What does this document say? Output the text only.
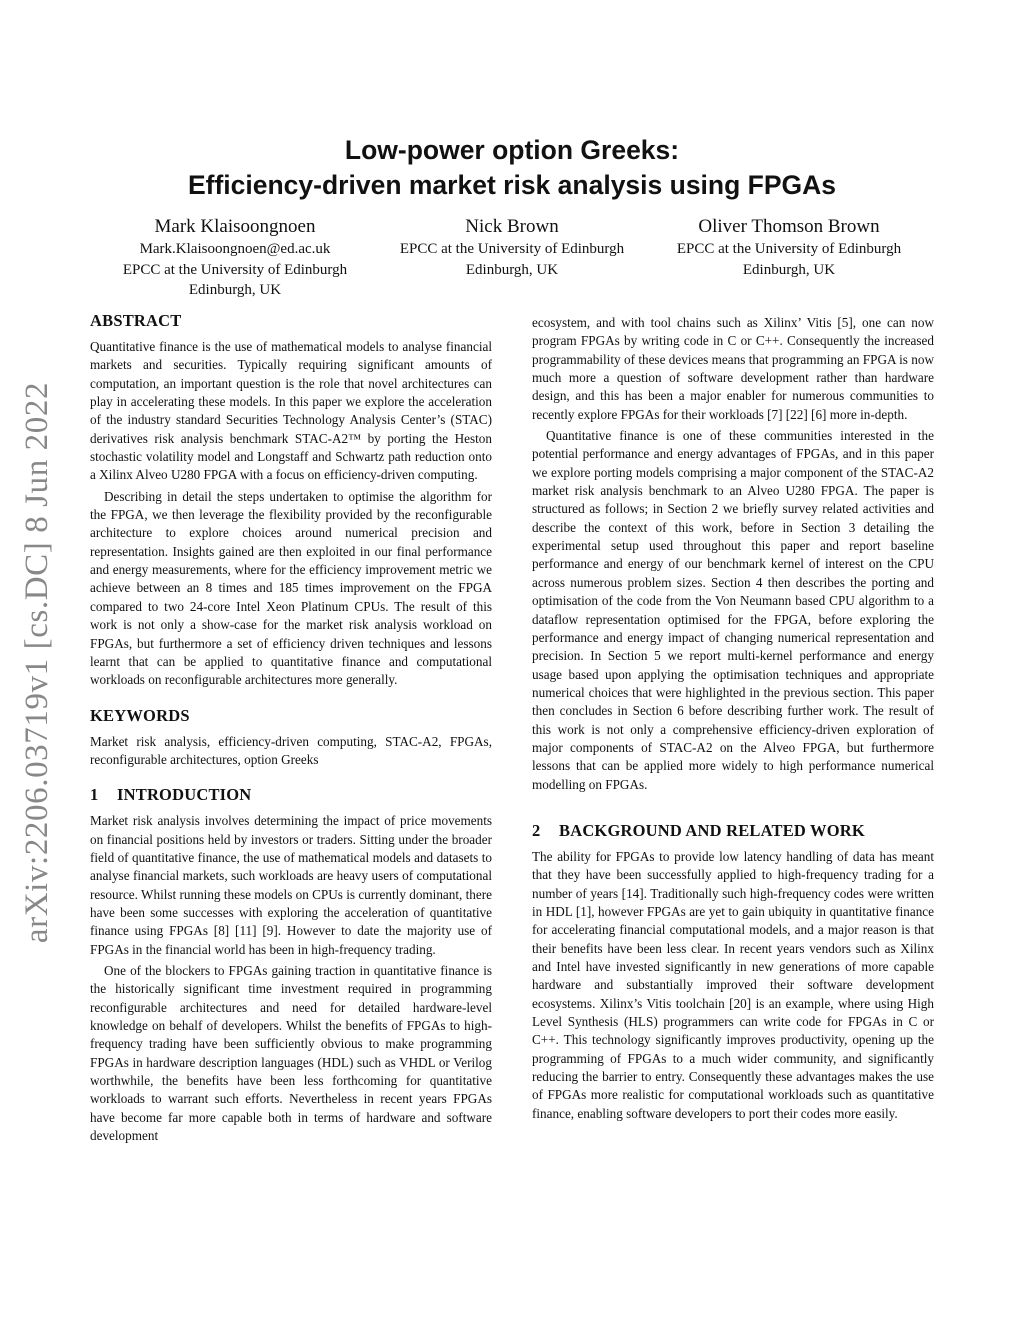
arXiv:2206.03719v1 [cs.DC] 8 Jun 2022
Low-power option Greeks:
Efficiency-driven market risk analysis using FPGAs
Mark Klaisoongnoen
Mark.Klaisoongnoen@ed.ac.uk
EPCC at the University of Edinburgh
Edinburgh, UK
Nick Brown
EPCC at the University of Edinburgh
Edinburgh, UK
Oliver Thomson Brown
EPCC at the University of Edinburgh
Edinburgh, UK
ABSTRACT

Quantitative finance is the use of mathematical models to analyse financial markets and securities. Typically requiring significant amounts of computation, an important question is the role that novel architectures can play in accelerating these models. In this paper we explore the acceleration of the industry standard Securities Technology Analysis Center’s (STAC) derivatives risk analysis benchmark STAC-A2™ by porting the Heston stochastic volatility model and Longstaff and Schwartz path reduction onto a Xilinx Alveo U280 FPGA with a focus on efficiency-driven computing.

Describing in detail the steps undertaken to optimise the algorithm for the FPGA, we then leverage the flexibility provided by the reconfigurable architecture to explore choices around numerical precision and representation. Insights gained are then exploited in our final performance and energy measurements, where for the efficiency improvement metric we achieve between an 8 times and 185 times improvement on the FPGA compared to two 24-core Intel Xeon Platinum CPUs. The result of this work is not only a show-case for the market risk analysis workload on FPGAs, but furthermore a set of efficiency driven techniques and lessons learnt that can be applied to quantitative finance and computational workloads on reconfigurable architectures more generally.

KEYWORDS

Market risk analysis, efficiency-driven computing, STAC-A2, FPGAs, reconfigurable architectures, option Greeks

1 INTRODUCTION

Market risk analysis involves determining the impact of price movements on financial positions held by investors or traders. Sitting under the broader field of quantitative finance, the use of mathematical models and datasets to analyse financial markets, such workloads are heavy users of computational resource. Whilst running these models on CPUs is currently dominant, there have been some successes with exploring the acceleration of quantitative finance using FPGAs [8] [11] [9]. However to date the majority use of FPGAs in the financial world has been in high-frequency trading.

One of the blockers to FPGAs gaining traction in quantitative finance is the historically significant time investment required in programming reconfigurable architectures and need for detailed hardware-level knowledge on behalf of developers. Whilst the benefits of FPGAs to high-frequency trading have been sufficiently obvious to make programming FPGAs in hardware description languages (HDL) such as VHDL or Verilog worthwhile, the benefits have been less forthcoming for quantitative workloads to warrant such efforts. Nevertheless in recent years FPGAs have become far more capable both in terms of hardware and software development

ecosystem, and with tool chains such as Xilinx’ Vitis [5], one can now program FPGAs by writing code in C or C++. Consequently the increased programmability of these devices means that programming an FPGA is now much more a question of software development rather than hardware design, and this has been a major enabler for numerous communities to recently explore FPGAs for their workloads [7] [22] [6] more in-depth.

Quantitative finance is one of these communities interested in the potential performance and energy advantages of FPGAs, and in this paper we explore porting models comprising a major component of the STAC-A2 market risk analysis benchmark to an Alveo U280 FPGA. The paper is structured as follows; in Section 2 we briefly survey related activities and describe the context of this work, before in Section 3 detailing the experimental setup used throughout this paper and report baseline performance and energy of our benchmark kernel of interest on the CPU across numerous problem sizes. Section 4 then describes the porting and optimisation of the code from the Von Neumann based CPU algorithm to a dataflow representation optimised for the FPGA, before exploring the performance and energy impact of changing numerical representation and precision. In Section 5 we report multi-kernel performance and energy usage based upon applying the optimisation techniques and appropriate numerical choices that were highlighted in the previous section. This paper then concludes in Section 6 before describing further work. The result of this work is not only a comprehensive efficiency-driven exploration of major components of STAC-A2 on the Alveo FPGA, but furthermore lessons that can be applied more widely to high performance numerical modelling on FPGAs.

2 BACKGROUND AND RELATED WORK

The ability for FPGAs to provide low latency handling of data has meant that they have been successfully applied to high-frequency trading for a number of years [14]. Traditionally such high-frequency codes were written in HDL [1], however FPGAs are yet to gain ubiquity in quantitative finance for accelerating financial computational models, and a major reason is that their benefits have been less clear. In recent years vendors such as Xilinx and Intel have invested significantly in new generations of more capable hardware and substantially improved their software development ecosystems. Xilinx’s Vitis toolchain [20] is an example, where using High Level Synthesis (HLS) programmers can write code for FPGAs in C or C++. This technology significantly improves productivity, opening up the programming of FPGAs to a much wider community, and significantly reducing the barrier to entry. Consequently these advantages makes the use of FPGAs more realistic for computational workloads such as quantitative finance, enabling software developers to port their codes more easily.
